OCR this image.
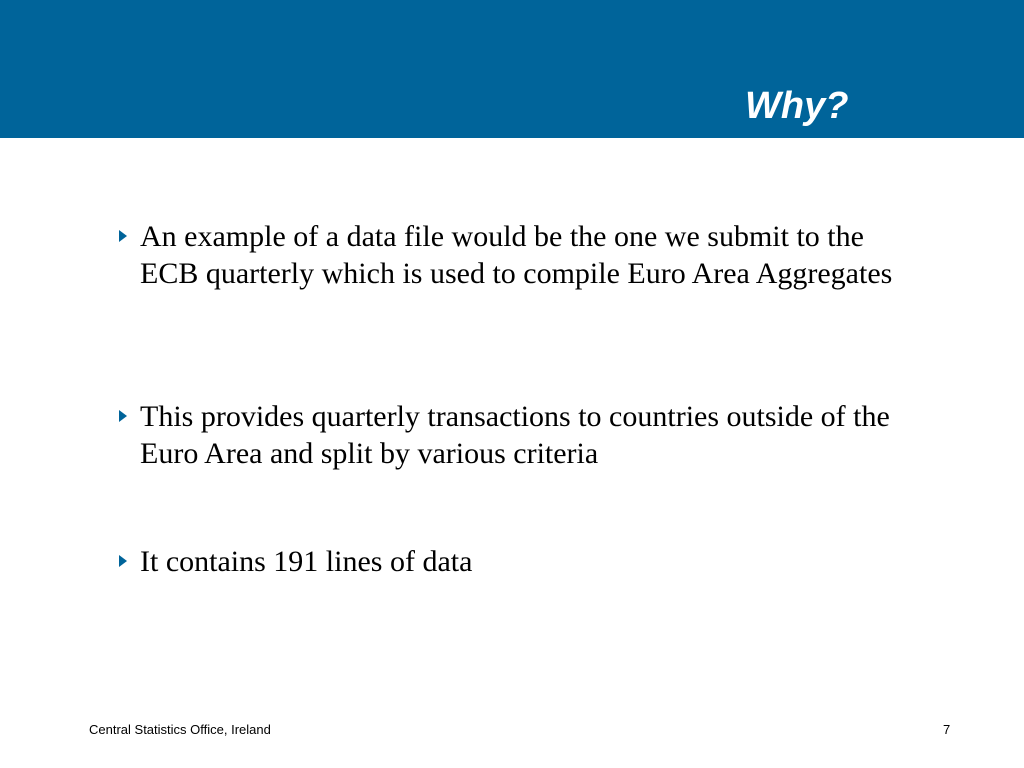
Why?
An example of a data file would be the one we submit to the ECB quarterly which is used to compile Euro Area Aggregates
This provides quarterly transactions to countries outside of the Euro Area and split by various criteria
It contains 191 lines of data
Central Statistics Office, Ireland	7
